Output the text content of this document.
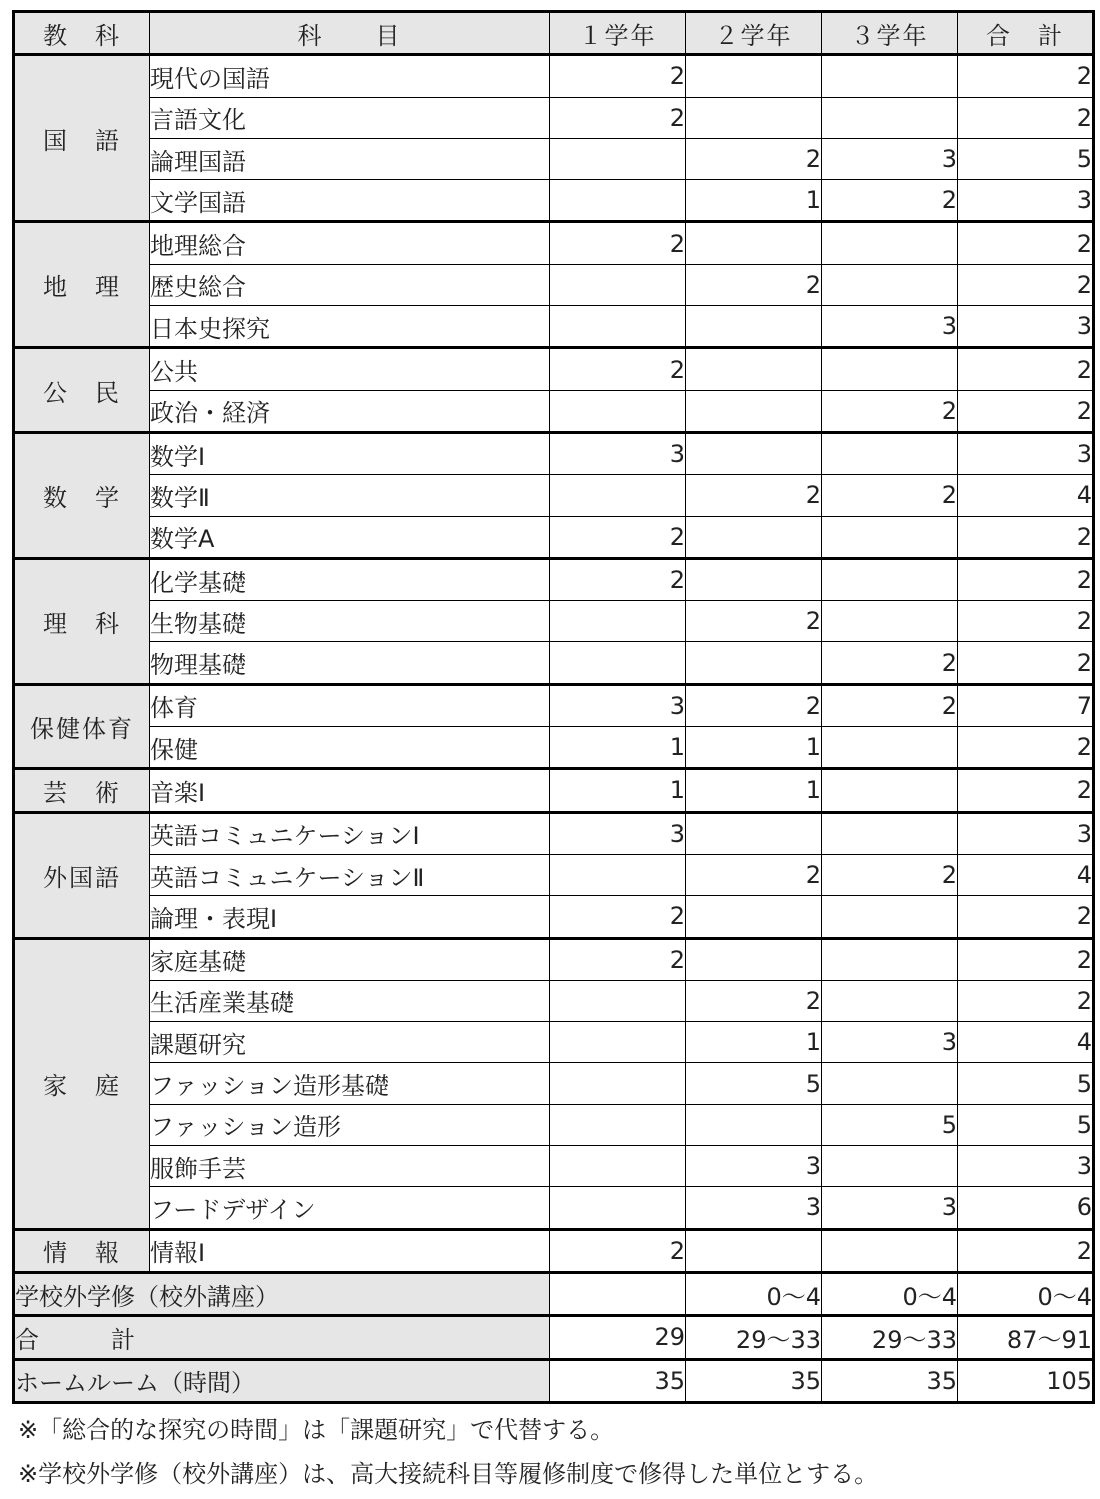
教　科	科　　目	１学年	２学年	３学年	合　計
国　語	現代の国語	2			2
	言語文化	2			2
	論理国語		2	3	5
	文学国語		1	2	3
地　理	地理総合	2			2
	歴史総合		2		2
	日本史探究			3	3
公　民	公共	2			2
	政治・経済			2	2
数　学	数学Ⅰ	3			3
	数学Ⅱ		2	2	4
	数学A	2			2
理　科	化学基礎	2			2
	生物基礎		2		2
	物理基礎			2	2
保健体育	体育	3	2	2	7
	保健	1	1		2
芸　術	音楽Ⅰ	1	1		2
外国語	英語コミュニケーションⅠ	3			3
	英語コミュニケーションⅡ		2	2	4
	論理・表現Ⅰ	2			2
家　庭	家庭基礎	2			2
	生活産業基礎		2		2
	課題研究		1	3	4
	ファッション造形基礎		5		5
	ファッション造形			5	5
	服飾手芸		3		3
	フードデザイン		3	3	6
情　報	情報Ⅰ	2			2
学校外学修（校外講座）			0〜4	0〜4	0〜4
合　　　計		29	29〜33	29〜33	87〜91
ホームルーム（時間）		35	35	35	105
※「総合的な探究の時間」は「課題研究」で代替する。
※学校外学修（校外講座）は、高大接続科目等履修制度で修得した単位とする。
